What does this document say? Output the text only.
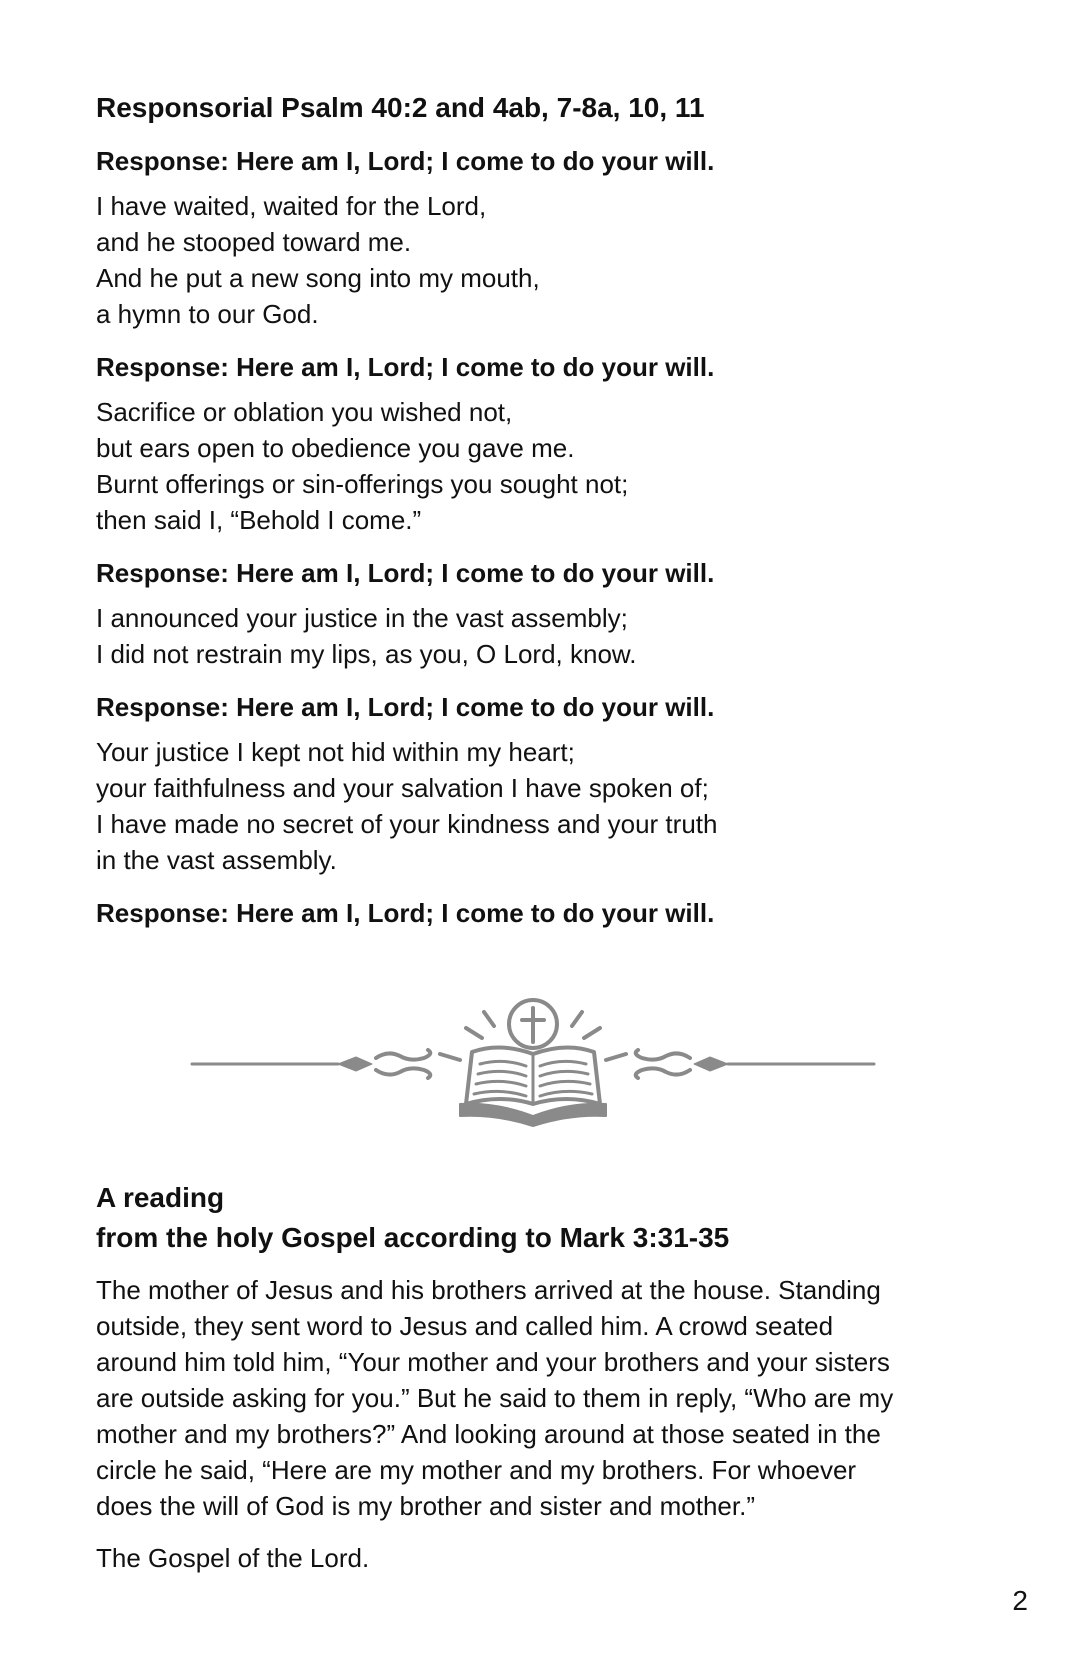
Responsorial Psalm 40:2 and 4ab, 7-8a, 10, 11
Response: Here am I, Lord; I come to do your will.
I have waited, waited for the Lord,
and he stooped toward me.
And he put a new song into my mouth,
a hymn to our God.
Response: Here am I, Lord; I come to do your will.
Sacrifice or oblation you wished not,
but ears open to obedience you gave me.
Burnt offerings or sin-offerings you sought not;
then said I, “Behold I come.”
Response: Here am I, Lord; I come to do your will.
I announced your justice in the vast assembly;
I did not restrain my lips, as you, O Lord, know.
Response: Here am I, Lord; I come to do your will.
Your justice I kept not hid within my heart;
your faithfulness and your salvation I have spoken of;
I have made no secret of your kindness and your truth
in the vast assembly.
Response: Here am I, Lord; I come to do your will.
A reading
from the holy Gospel according to Mark 3:31-35
The mother of Jesus and his brothers arrived at the house. Standing
outside, they sent word to Jesus and called him. A crowd seated
around him told him, “Your mother and your brothers and your sisters
are outside asking for you.” But he said to them in reply, “Who are my
mother and my brothers?” And looking around at those seated in the
circle he said, “Here are my mother and my brothers. For whoever
does the will of God is my brother and sister and mother.”
The Gospel of the Lord.
2
